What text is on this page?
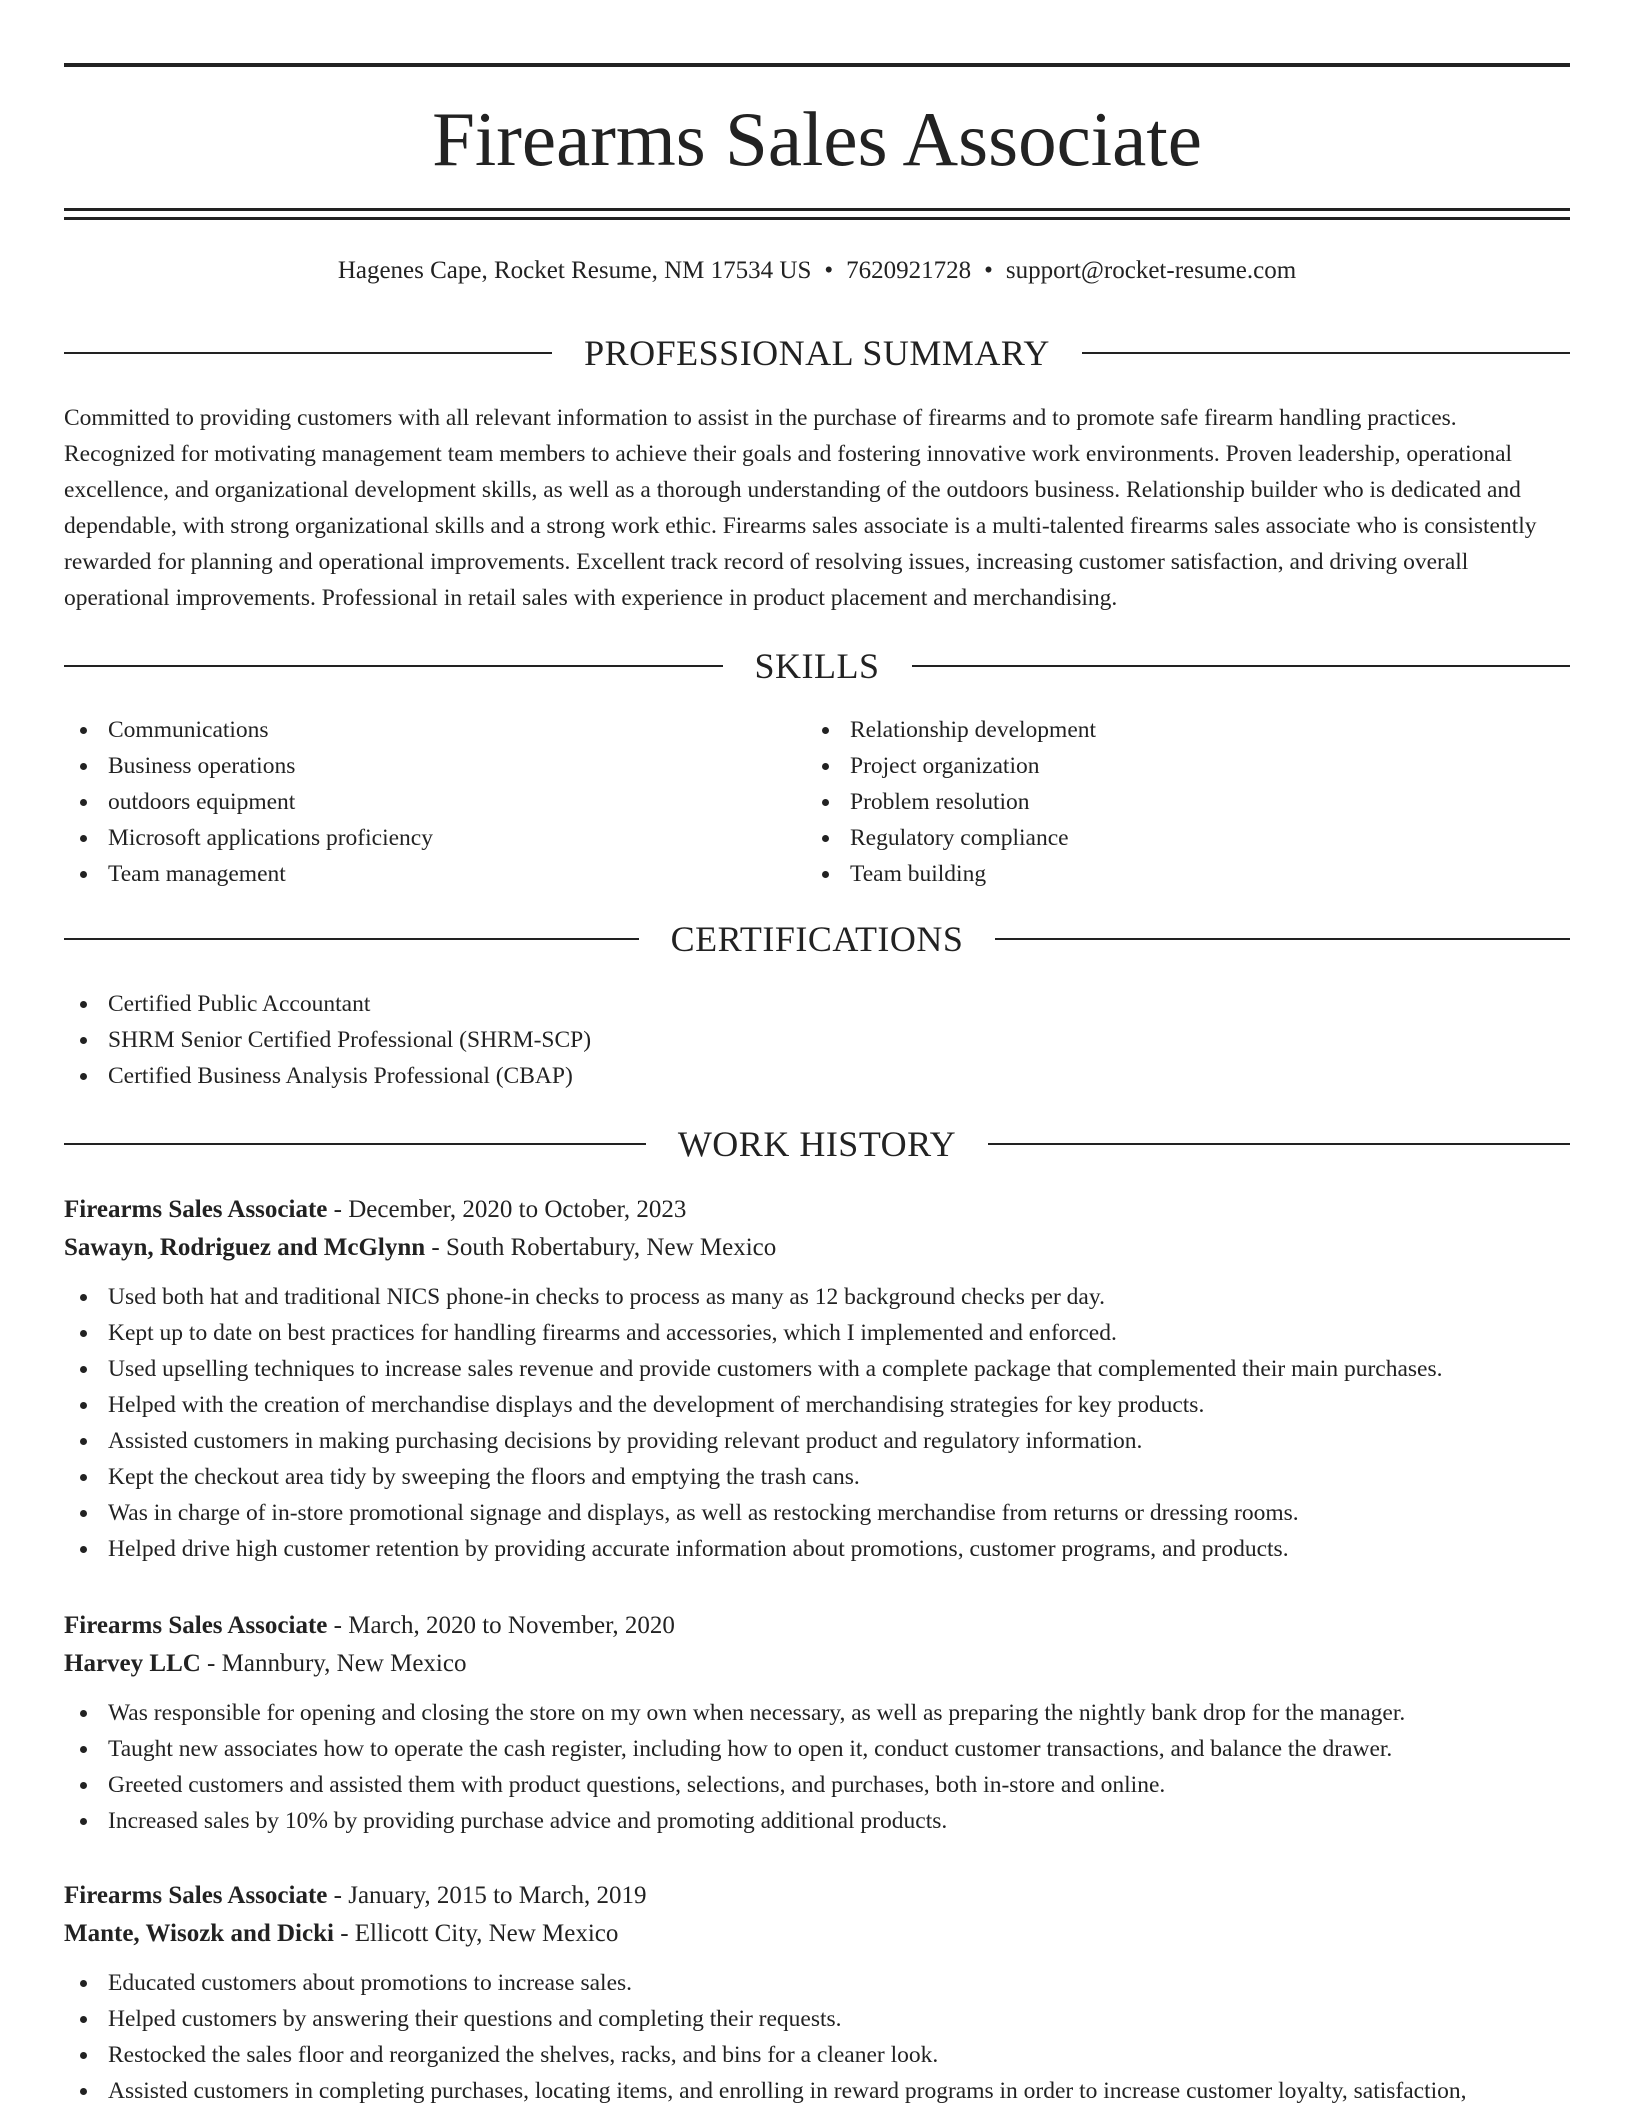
Firearms Sales Associate
Hagenes Cape, Rocket Resume, NM 17534 US • 7620921728 • support@rocket-resume.com
PROFESSIONAL SUMMARY

Committed to providing customers with all relevant information to assist in the purchase of firearms and to promote safe firearm handling practices. Recognized for motivating management team members to achieve their goals and fostering innovative work environments. Proven leadership, operational excellence, and organizational development skills, as well as a thorough understanding of the outdoors business. Relationship builder who is dedicated and dependable, with strong organizational skills and a strong work ethic. Firearms sales associate is a multi-talented firearms sales associate who is consistently rewarded for planning and operational improvements. Excellent track record of resolving issues, increasing customer satisfaction, and driving overall operational improvements. Professional in retail sales with experience in product placement and merchandising.

SKILLS
Communications
Business operations
outdoors equipment
Microsoft applications proficiency
Team management
Relationship development
Project organization
Problem resolution
Regulatory compliance
Team building
CERTIFICATIONS
Certified Public Accountant
SHRM Senior Certified Professional (SHRM-SCP)
Certified Business Analysis Professional (CBAP)
WORK HISTORY
Firearms Sales Associate - December, 2020 to October, 2023
Sawayn, Rodriguez and McGlynn - South Robertabury, New Mexico
Used both hat and traditional NICS phone-in checks to process as many as 12 background checks per day.
Kept up to date on best practices for handling firearms and accessories, which I implemented and enforced.
Used upselling techniques to increase sales revenue and provide customers with a complete package that complemented their main purchases.
Helped with the creation of merchandise displays and the development of merchandising strategies for key products.
Assisted customers in making purchasing decisions by providing relevant product and regulatory information.
Kept the checkout area tidy by sweeping the floors and emptying the trash cans.
Was in charge of in-store promotional signage and displays, as well as restocking merchandise from returns or dressing rooms.
Helped drive high customer retention by providing accurate information about promotions, customer programs, and products.
Firearms Sales Associate - March, 2020 to November, 2020
Harvey LLC - Mannbury, New Mexico
Was responsible for opening and closing the store on my own when necessary, as well as preparing the nightly bank drop for the manager.
Taught new associates how to operate the cash register, including how to open it, conduct customer transactions, and balance the drawer.
Greeted customers and assisted them with product questions, selections, and purchases, both in-store and online.
Increased sales by 10% by providing purchase advice and promoting additional products.
Firearms Sales Associate - January, 2015 to March, 2019
Mante, Wisozk and Dicki - Ellicott City, New Mexico
Educated customers about promotions to increase sales.
Helped customers by answering their questions and completing their requests.
Restocked the sales floor and reorganized the shelves, racks, and bins for a cleaner look.
Assisted customers in completing purchases, locating items, and enrolling in reward programs in order to increase customer loyalty, satisfaction,
